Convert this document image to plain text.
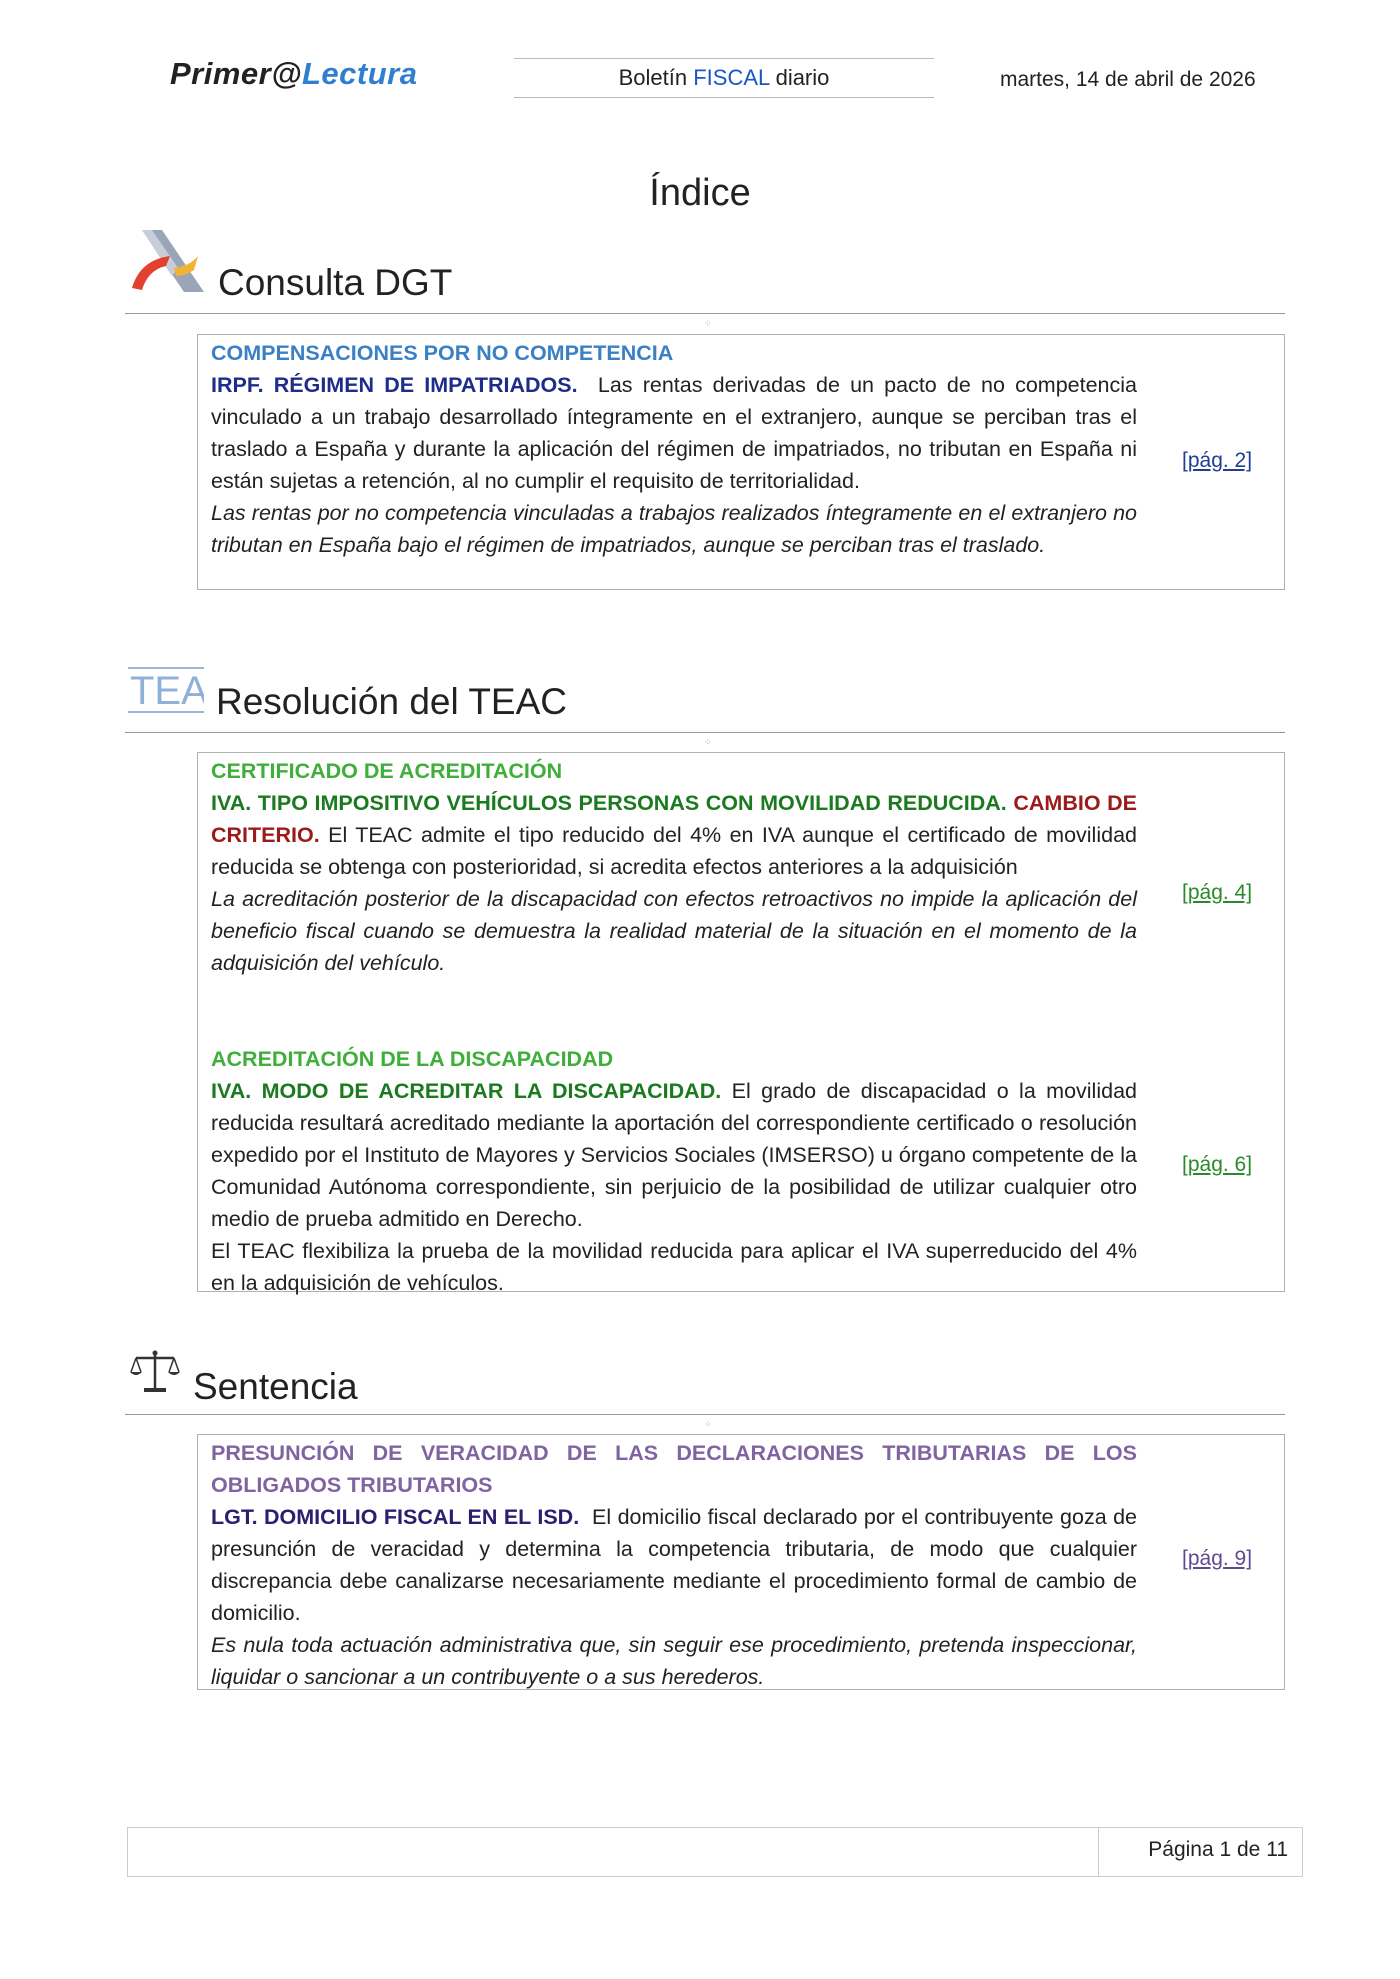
Primer@Lectura	Boletín FISCAL diario	martes, 14 de abril de 2026
Índice
Consulta DGT
⁘

COMPENSACIONES POR NO COMPETENCIA

IRPF. RÉGIMEN DE IMPATRIADOS. Las rentas derivadas de un pacto de no competencia vinculado a un trabajo desarrollado íntegramente en el extranjero, aunque se perciban tras el traslado a España y durante la aplicación del régimen de impatriados, no tributan en España ni están sujetas a retención, al no cumplir el requisito de territorialidad.

Las rentas por no competencia vinculadas a trabajos realizados íntegramente en el extranjero no tributan en España bajo el régimen de impatriados, aunque se perciban tras el traslado.

[pág. 2]
TEA Resolución del TEAC
⁘

CERTIFICADO DE ACREDITACIÓN

IVA. TIPO IMPOSITIVO VEHÍCULOS PERSONAS CON MOVILIDAD REDUCIDA. CAMBIO DE CRITERIO. El TEAC admite el tipo reducido del 4% en IVA aunque el certificado de movilidad reducida se obtenga con posterioridad, si acredita efectos anteriores a la adquisición

La acreditación posterior de la discapacidad con efectos retroactivos no impide la aplicación del beneficio fiscal cuando se demuestra la realidad material de la situación en el momento de la adquisición del vehículo.

[pág. 4]

ACREDITACIÓN DE LA DISCAPACIDAD

IVA. MODO DE ACREDITAR LA DISCAPACIDAD. El grado de discapacidad o la movilidad reducida resultará acreditado mediante la aportación del correspondiente certificado o resolución expedido por el Instituto de Mayores y Servicios Sociales (IMSERSO) u órgano competente de la Comunidad Autónoma correspondiente, sin perjuicio de la posibilidad de utilizar cualquier otro medio de prueba admitido en Derecho.

El TEAC flexibiliza la prueba de la movilidad reducida para aplicar el IVA superreducido del 4% en la adquisición de vehículos.

[pág. 6]
Sentencia
⁘

PRESUNCIÓN DE VERACIDAD DE LAS DECLARACIONES TRIBUTARIAS DE LOS OBLIGADOS TRIBUTARIOS

LGT. DOMICILIO FISCAL EN EL ISD. El domicilio fiscal declarado por el contribuyente goza de presunción de veracidad y determina la competencia tributaria, de modo que cualquier discrepancia debe canalizarse necesariamente mediante el procedimiento formal de cambio de domicilio.

Es nula toda actuación administrativa que, sin seguir ese procedimiento, pretenda inspeccionar, liquidar o sancionar a un contribuyente o a sus herederos.

[pág. 9]
Página 1 de 11
